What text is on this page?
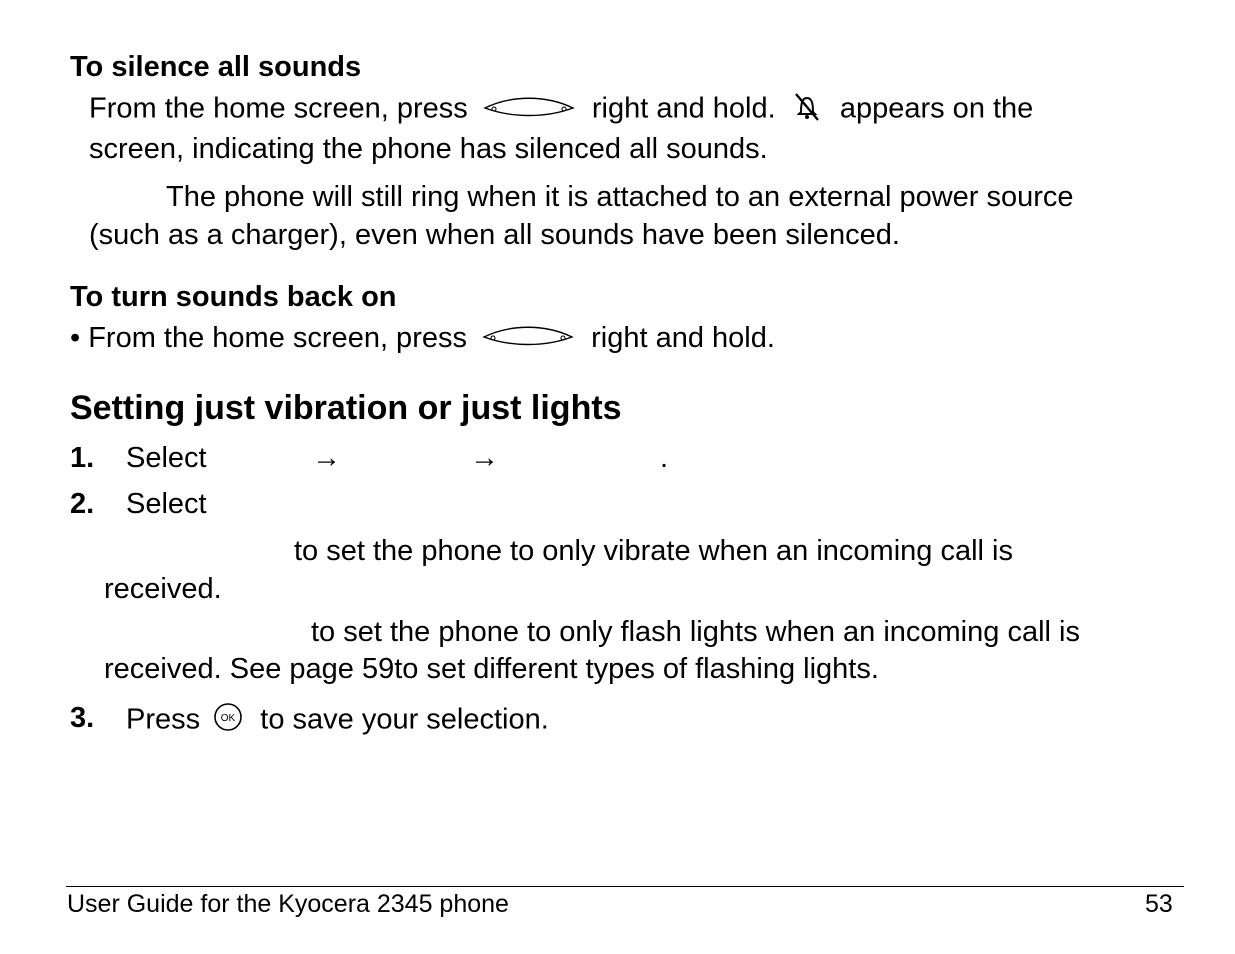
To silence all sounds
From the home screen, press	right and hold. appears on the
screen, indicating the phone has silenced all sounds.
The phone will still ring when it is attached to an external power source
(such as a charger), even when all sounds have been silenced.
To turn sounds back on
• From the home screen, press	right and hold.
Setting just vibration or just lights
1. Select	→	→	.
2. Select
to set the phone to only vibrate when an incoming call is
received.
to set the phone to only flash lights when an incoming call is
received. See page 59to set different types of flashing lights.
3. Press OK to save your selection.
User Guide for the Kyocera 2345 phone	53
